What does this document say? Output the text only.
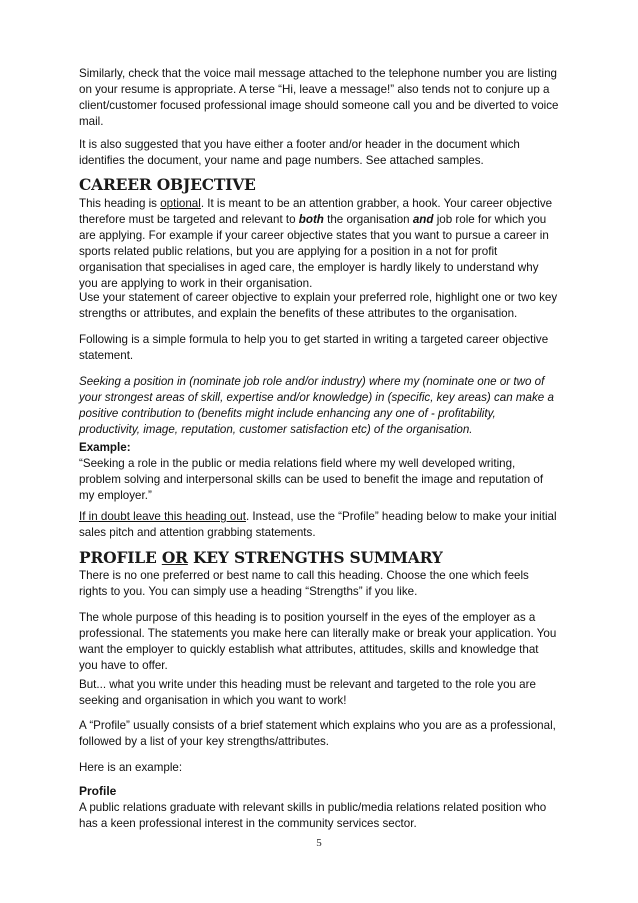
Similarly, check that the voice mail message attached to the telephone number you are listing on your resume is appropriate. A terse “Hi, leave a message!” also tends not to conjure up a client/customer focused professional image should someone call you and be diverted to voice mail.

It is also suggested that you have either a footer and/or header in the document which identifies the document, your name and page numbers. See attached samples.

CAREER OBJECTIVE

This heading is optional. It is meant to be an attention grabber, a hook. Your career objective therefore must be targeted and relevant to both the organisation and job role for which you are applying. For example if your career objective states that you want to pursue a career in sports related public relations, but you are applying for a position in a not for profit organisation that specialises in aged care, the employer is hardly likely to understand why you are applying to work in their organisation.

Use your statement of career objective to explain your preferred role, highlight one or two key strengths or attributes, and explain the benefits of these attributes to the organisation.

Following is a simple formula to help you to get started in writing a targeted career objective statement.

Seeking a position in (nominate job role and/or industry) where my (nominate one or two of your strongest areas of skill, expertise and/or knowledge) in (specific, key areas) can make a positive contribution to (benefits might include enhancing any one of - profitability, productivity, image, reputation, customer satisfaction etc) of the organisation.

Example:

“Seeking a role in the public or media relations field where my well developed writing, problem solving and interpersonal skills can be used to benefit the image and reputation of my employer.”

If in doubt leave this heading out. Instead, use the “Profile” heading below to make your initial sales pitch and attention grabbing statements.

PROFILE OR KEY STRENGTHS SUMMARY

There is no one preferred or best name to call this heading. Choose the one which feels rights to you. You can simply use a heading “Strengths” if you like.

The whole purpose of this heading is to position yourself in the eyes of the employer as a professional. The statements you make here can literally make or break your application. You want the employer to quickly establish what attributes, attitudes, skills and knowledge that you have to offer.

But... what you write under this heading must be relevant and targeted to the role you are seeking and organisation in which you want to work!

A “Profile” usually consists of a brief statement which explains who you are as a professional, followed by a list of your key strengths/attributes.

Here is an example:

Profile

A public relations graduate with relevant skills in public/media relations related position who has a keen professional interest in the community services sector.

5
